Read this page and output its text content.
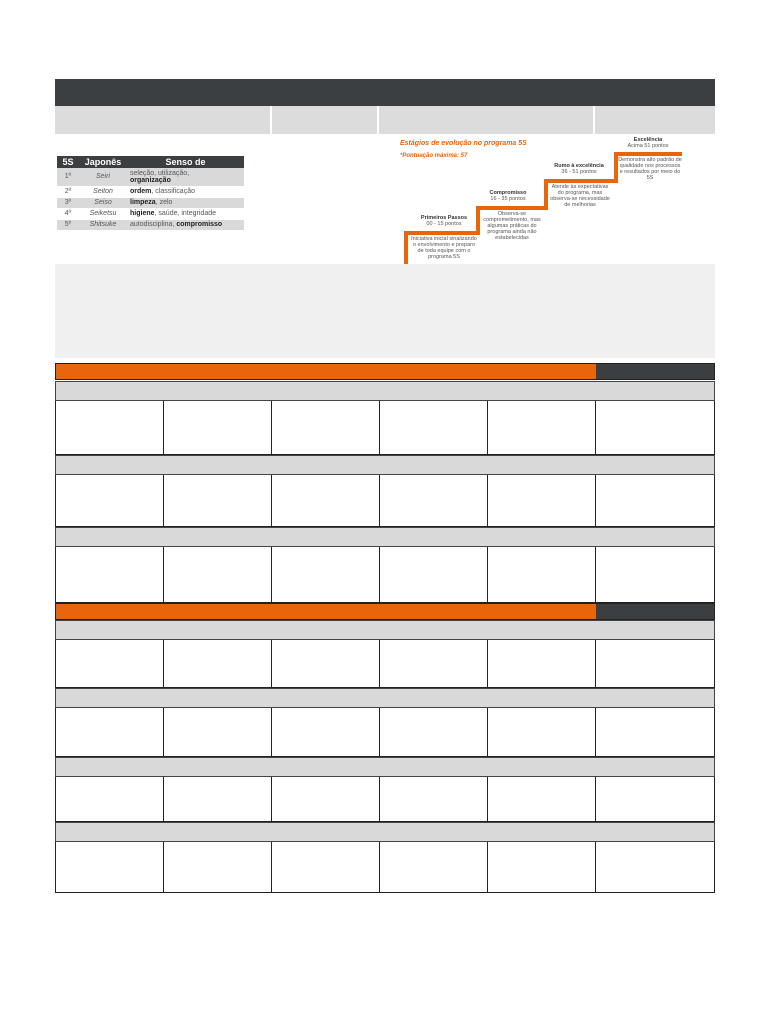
5S	Japonês	Senso de
1º	Seiri	seleção, utilização,
organização
2º	Seiton	ordem, classificação
3º	Seiso	limpeza, zelo
4º	Seiketsu	higiene, saúde, integridade
5º	Shitsuke	autodisciplina, compromisso
Estágios de evolução no programa 5S
*Pontuação máxima: 57
Primeiros Passos
00 - 15 pontos
Iniciativa inicial sinalizando o envolvimento e preparo de toda equipe com o programa 5S
Compromisso
16 - 35 pontos
Observa-se comprometimento, mas algumas práticas do programa ainda não estabelecidas
Rumo à excelência
36 - 51 pontos
Atende às expectativas do programa, mas observa-se necessidade de melhorias
Excelência
Acima 51 pontos
Demonstra alto padrão de qualidade nos processos e resultados por meio do 5S
